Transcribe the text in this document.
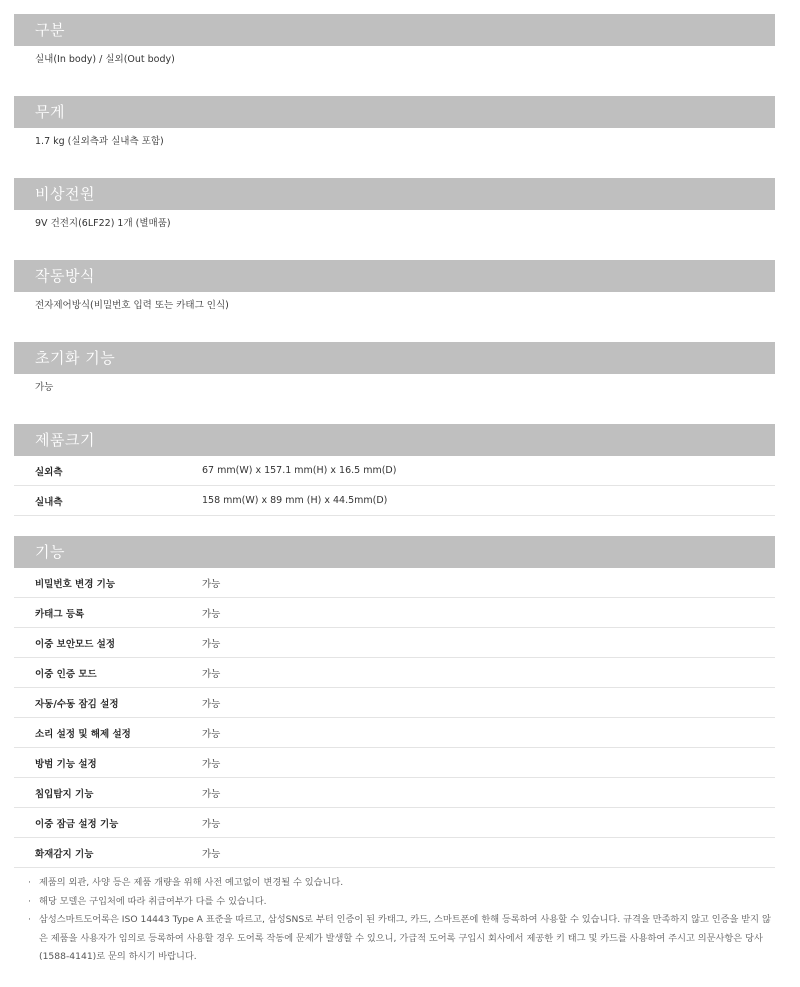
구분
실내(In body) / 실외(Out body)
무게
1.7 kg (실외측과 실내측 포함)
비상전원
9V 건전지(6LF22) 1개 (별매품)
작동방식
전자제어방식(비밀번호 입력 또는 카태그 인식)
초기화 기능
가능
제품크기
실외측	67 mm(W) x 157.1 mm(H) x 16.5 mm(D)
실내측	158 mm(W) x 89 mm (H) x 44.5mm(D)
기능
비밀번호 변경 기능	가능
카태그 등록	가능
이중 보안모드 설정	가능
이중 인증 모드	가능
자동/수동 잠김 설정	가능
소리 설정 및 해제 설정	가능
방범 기능 설정	가능
침입탐지 기능	가능
이중 잠금 설정 기능	가능
화재감지 기능	가능
· 제품의 외관, 사양 등은 제품 개량을 위해 사전 예고없이 변경될 수 있습니다.
· 해당 모델은 구입처에 따라 취급여부가 다를 수 있습니다.
· 삼성스마트도어록은 ISO 14443 Type A 표준을 따르고, 삼성SNS로 부터 인증이 된 카태그, 카드, 스마트폰에 한해 등록하여 사용할 수 있습니다. 규격을 만족하지 않고 인증을 받지 않은 제품을 사용자가 임의로 등록하여 사용할 경우 도어록 작동에 문제가 발생할 수 있으니, 가급적 도어록 구입시 회사에서 제공한 키 태그 및 카드를 사용하여 주시고 의문사항은 당사(1588-4141)로 문의 하시기 바랍니다.
